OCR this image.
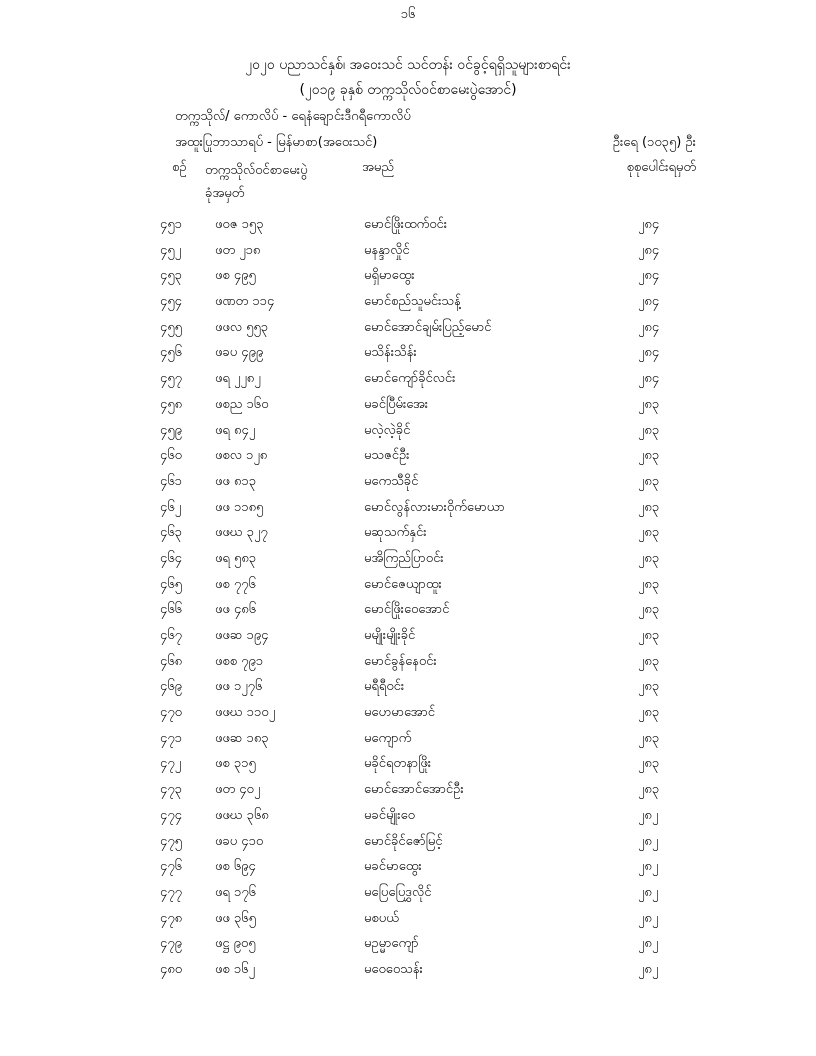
၁၆
၂၀၂၀ ပညာသင်နှစ်၊ အဝေးသင် သင်တန်း ဝင်ခွင့်ရရှိသူများစာရင်း
(၂၀၁၉ ခုနှစ် တက္ကသိုလ်ဝင်စာမေးပွဲအောင်)
တက္ကသိုလ်/ ကောလိပ် - ရေနံချောင်းဒီဂရီကောလိပ်
အထူးပြုဘာသာရပ် - မြန်မာစာ(အဝေးသင်)	ဦးရေ (၁၀၃၅) ဦး
စဉ် တက္ကသိုလ်ဝင်စာမေးပွဲ
ခုံအမှတ်
အမည်	စုစုပေါင်းရမှတ်
၄၅၁	ဖဝဇ ၁၅၃	မောင်ဖြိုးထက်ဝင်း	၂၈၄
၄၅၂	ဖတ ၂၁၈	မနန္ဒာလှိုင်	၂၈၄
၄၅၃	ဖစ ၄၉၅	မရှိမာထွေး	၂၈၄
၄၅၄	ဖဏတ ၁၁၄	မောင်စည်သူမင်းသန့်	၂၈၄
၄၅၅	ဖဖလ ၅၅၃	မောင်အောင်ချမ်းပြည့်မောင်	၂၈၄
၄၅၆	ဖခပ ၄၉၉	မသိန်းသိန်း	၂၈၄
၄၅၇	ဖရ ၂၂၈၂	မောင်ကျော်ခိုင်လင်း	၂၈၄
၄၅၈	ဖစည ၁၆၀	မခင်ပြီမ်းအေး	၂၈၃
၄၅၉	ဖရ ၈၄၂	မလဲ့လဲ့ခိုင်	၂၈၃
၄၆၀	ဖစလ ၁၂၈	မသဇင်ဦး	၂၈၃
၄၆၁	ဖဖ ၈၁၃	မကေသီခိုင်	၂၈၃
၄၆၂	ဖဖ ၁၁၈၅	မောင်လွန်လားမားဝိုက်မောယာ	၂၈၃
၄၆၃	ဖဖဃ ၃၂၇	မဆုသက်နှင်း	၂၈၃
၄၆၄	ဖရ ၅၈၃	မအိကြည်ပြာဝင်း	၂၈၃
၄၆၅	ဖစ ၇၇၆	မောင်ဇေယျာထူး	၂၈၃
၄၆၆	ဖဖ ၄၈၆	မောင်ဖြိုးဝေအောင်	၂၈၃
၄၆၇	ဖဖဆ ၁၉၄	မမျိုးမျိုးခိုင်	၂၈၃
၄၆၈	ဖစစ ၇၉၁	မောင်ခွန်နေဝင်း	၂၈၃
၄၆၉	ဖဖ ၁၂၇၆	မရီရီဝင်း	၂၈၃
၄၇၀	ဖဖဃ ၁၁၀၂	မဟေမာအောင်	၂၈၃
၄၇၁	ဖဖဆ ၁၈၃	မကျောက်	၂၈၃
၄၇၂	ဖစ ၃၁၅	မခိုင်ရတနာဖြိုး	၂၈၃
၄၇၃	ဖတ ၄၀၂	မောင်အောင်အောင်ဦး	၂၈၃
၄၇၄	ဖဖဃ ၃၆၈	မခင်မျိုးဝေ	၂၈၂
၄၇၅	ဖခပ ၄၁၀	မောင်ခိုင်ဇော်မြင့်	၂၈၂
၄၇၆	ဖစ ၆၉၄	မခင်မာထွေး	၂၈၂
၄၇၇	ဖရ ၁၇၆	မပြေပြေဒွှလိုင်	၂၈၂
၄၇၈	ဖဖ ၃၆၅	မစပယ်	၂၈၂
၄၇၉	ဖဋ္ဌ ၉၀၅	မဥမ္မာကျော်	၂၈၂
၄၈၀	ဖစ ၁၆၂	မဝေဝေသန်း	၂၈၂
